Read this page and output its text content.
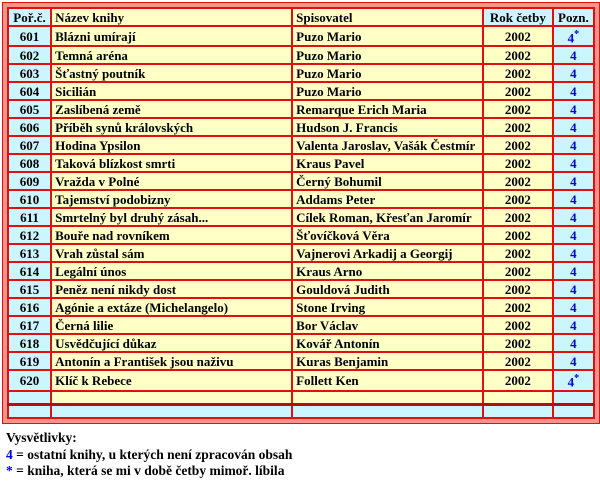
Poř.č.	Název knihy	Spisovatel	Rok četby	Pozn.
601	Blázni umírají	Puzo Mario	2002	4*
602	Temná aréna	Puzo Mario	2002	4
603	Šťastný poutník	Puzo Mario	2002	4
604	Sicilián	Puzo Mario	2002	4
605	Zaslíbená země	Remarque Erich Maria	2002	4
606	Příběh synů královských	Hudson J. Francis	2002	4
607	Hodina Ypsilon	Valenta Jaroslav, Vašák Čestmír	2002	4
608	Taková blízkost smrti	Kraus Pavel	2002	4
609	Vražda v Polné	Černý Bohumil	2002	4
610	Tajemství podobizny	Addams Peter	2002	4
611	Smrtelný byl druhý zásah...	Cílek Roman, Křesťan Jaromír	2002	4
612	Bouře nad rovníkem	Šťovíčková Věra	2002	4
613	Vrah zůstal sám	Vajnerovi Arkadij a Georgij	2002	4
614	Legální únos	Kraus Arno	2002	4
615	Peněz není nikdy dost	Gouldová Judith	2002	4
616	Agónie a extáze (Michelangelo)	Stone Irving	2002	4
617	Černá lilie	Bor Václav	2002	4
618	Usvědčující důkaz	Kovář Antonín	2002	4
619	Antonín a František jsou naživu	Kuras Benjamin	2002	4
620	Klíč k Rebece	Follett Ken	2002	4*

Vysvětlivky:
4 = ostatní knihy, u kterých není zpracován obsah
* = kniha, která se mi v době četby mimoř. líbila
